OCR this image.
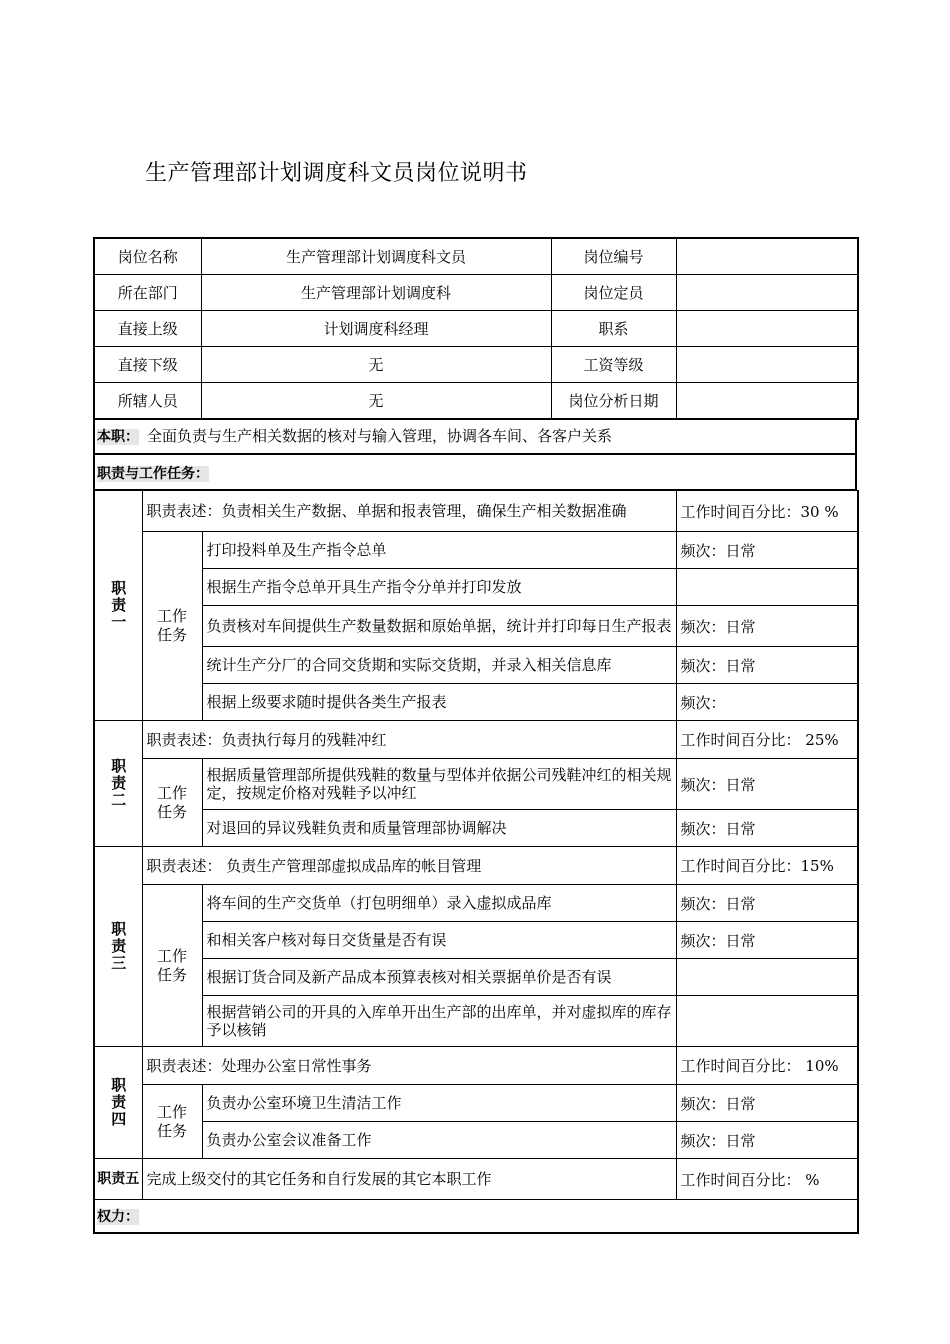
生产管理部计划调度科文员岗位说明书
岗位名称	生产管理部计划调度科文员	岗位编号	
所在部门	生产管理部计划调度科	岗位定员	
直接上级	计划调度科经理	职系	
直接下级	无	工资等级	
所辖人员	无	岗位分析日期	
本职： 全面负责与生产相关数据的核对与输入管理，协调各车间、各客户关系
职责与工作任务：
职责一	职责表述：负责相关生产数据、单据和报表管理，确保生产相关数据准确		工作时间百分比：30 %
	工作任务	打印投料单及生产指令总单	频次：日常
		根据生产指令总单开具生产指令分单并打印发放	
		负责核对车间提供生产数量数据和原始单据，统计并打印每日生产报表	频次：日常
		统计生产分厂的合同交货期和实际交货期，并录入相关信息库	频次：日常
		根据上级要求随时提供各类生产报表	频次：
职责二	职责表述：负责执行每月的残鞋冲红		工作时间百分比： 25%
	工作任务	根据质量管理部所提供残鞋的数量与型体并依据公司残鞋冲红的相关规定，按规定价格对残鞋予以冲红	频次：日常
		对退回的异议残鞋负责和质量管理部协调解决	频次：日常
职责三	职责表述： 负责生产管理部虚拟成品库的帐目管理		工作时间百分比：15%
	工作任务	将车间的生产交货单（打包明细单）录入虚拟成品库	频次：日常
		和相关客户核对每日交货量是否有误	频次：日常
		根据订货合同及新产品成本预算表核对相关票据单价是否有误	
		根据营销公司的开具的入库单开出生产部的出库单，并对虚拟库的库存予以核销	
职责四	职责表述：处理办公室日常性事务		工作时间百分比： 10%
	工作任务	负责办公室环境卫生清洁工作	频次：日常
		负责办公室会议准备工作	频次：日常
职责五	完成上级交付的其它任务和自行发展的其它本职工作		工作时间百分比： %
权力：			
